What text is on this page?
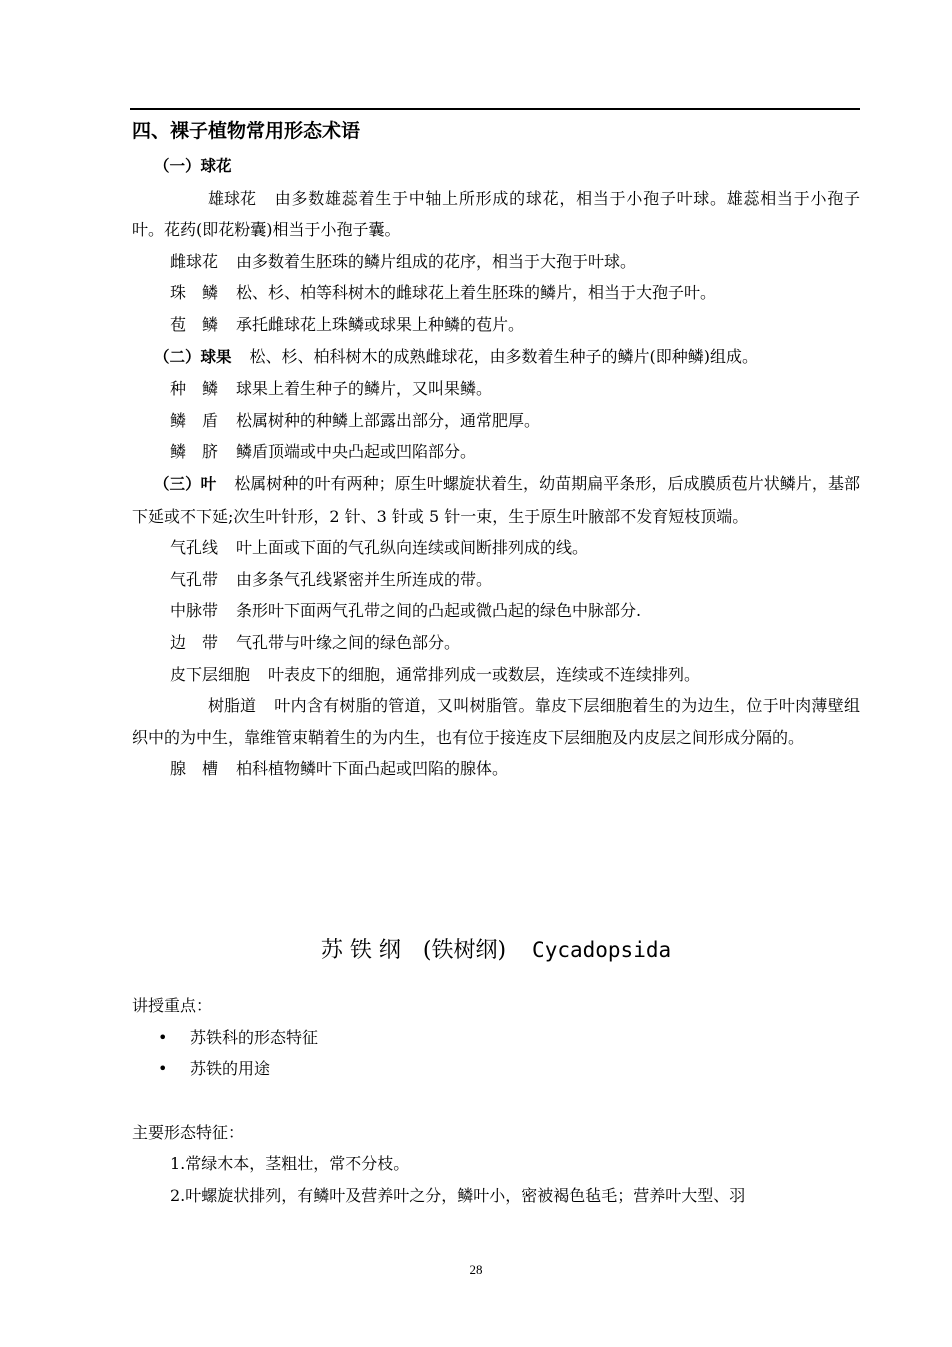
四、裸子植物常用形态术语
（一）球花
雄球花 由多数雄蕊着生于中轴上所形成的球花，相当于小孢子叶球。雄蕊相当于小孢子叶。花药(即花粉囊)相当于小孢子囊。
雌球花 由多数着生胚珠的鳞片组成的花序，相当于大孢于叶球。
珠　鳞 松、杉、柏等科树木的雌球花上着生胚珠的鳞片，相当于大孢子叶。
苞　鳞 承托雌球花上珠鳞或球果上种鳞的苞片。
（二）球果 松、杉、柏科树木的成熟雌球花，由多数着生种子的鳞片(即种鳞)组成。
种　鳞 球果上着生种子的鳞片，又叫果鳞。
鳞　盾 松属树种的种鳞上部露出部分，通常肥厚。
鳞　脐 鳞盾顶端或中央凸起或凹陷部分。
（三）叶 松属树种的叶有两种；原生叶螺旋状着生，幼苗期扁平条形，后成膜质苞片状鳞片，基部下延或不下延;次生叶针形，2 针、3 针或 5 针一束，生于原生叶腋部不发育短枝顶端。
气孔线 叶上面或下面的气孔纵向连续或间断排列成的线。
气孔带 由多条气孔线紧密并生所连成的带。
中脉带 条形叶下面两气孔带之间的凸起或微凸起的绿色中脉部分.
边　带 气孔带与叶缘之间的绿色部分。
皮下层细胞 叶表皮下的细胞，通常排列成一或数层，连续或不连续排列。
树脂道 叶内含有树脂的管道，又叫树脂管。靠皮下层细胞着生的为边生，位于叶肉薄壁组织中的为中生，靠维管束鞘着生的为内生，也有位于接连皮下层细胞及内皮层之间形成分隔的。
腺　槽 柏科植物鳞叶下面凸起或凹陷的腺体。
苏 铁 纲 (铁树纲) Cycadopsida
讲授重点：
• 苏铁科的形态特征
• 苏铁的用途
主要形态特征：
1.常绿木本，茎粗壮，常不分枝。
2.叶螺旋状排列，有鳞叶及营养叶之分，鳞叶小，密被褐色毡毛；营养叶大型、羽
28
